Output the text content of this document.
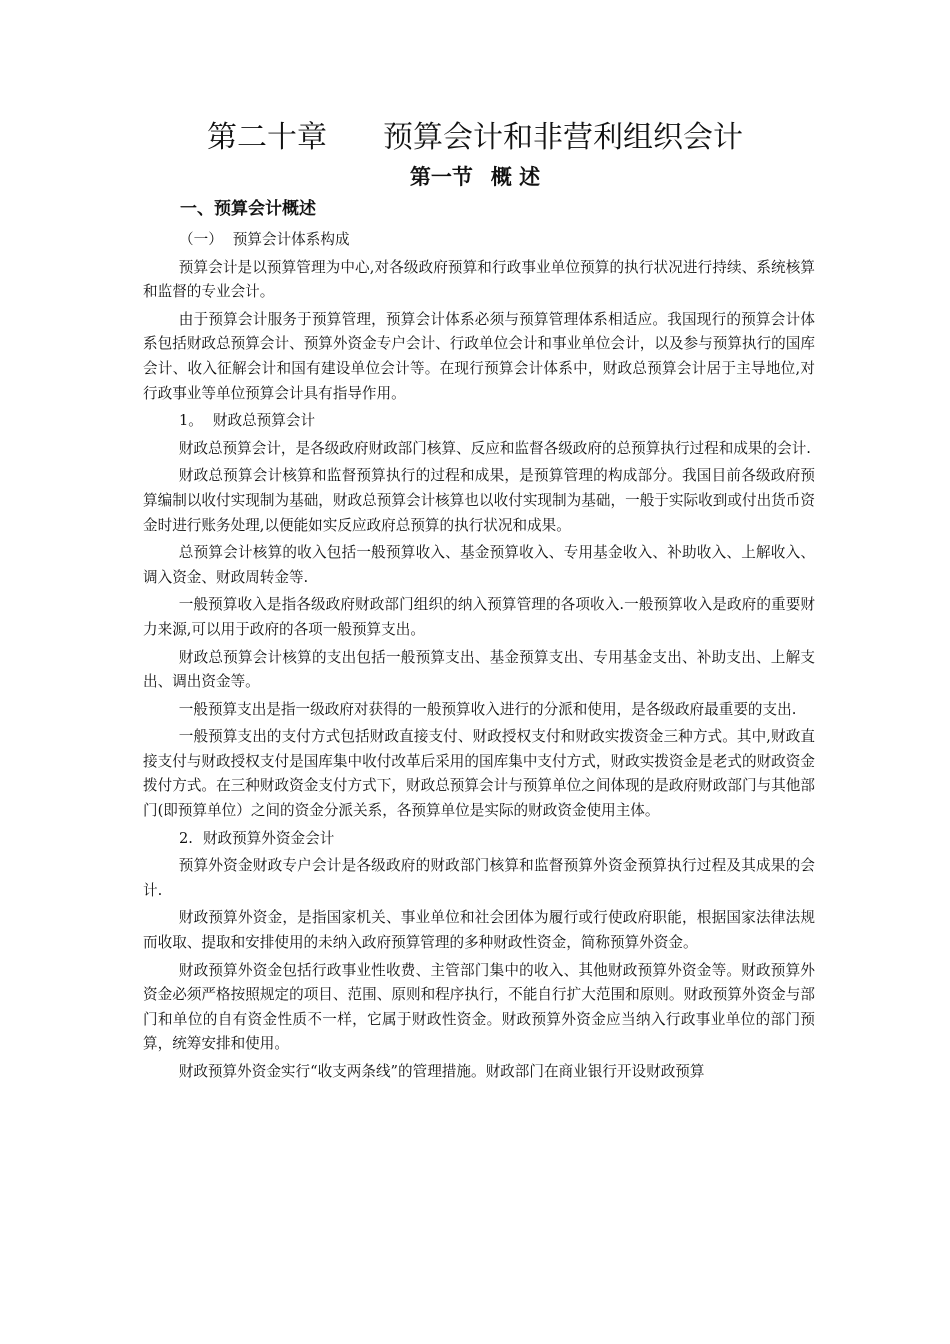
第二十章 预算会计和非营利组织会计
第一节 概 述
一、预算会计概述

（一） 预算会计体系构成

预算会计是以预算管理为中心,对各级政府预算和行政事业单位预算的执行状况进行持续、系统核算和监督的专业会计。

由于预算会计服务于预算管理，预算会计体系必须与预算管理体系相适应。我国现行的预算会计体系包括财政总预算会计、预算外资金专户会计、行政单位会计和事业单位会计，以及参与预算执行的国库会计、收入征解会计和国有建设单位会计等。在现行预算会计体系中，财政总预算会计居于主导地位,对行政事业等单位预算会计具有指导作用。

1。 财政总预算会计

财政总预算会计，是各级政府财政部门核算、反应和监督各级政府的总预算执行过程和成果的会计.

财政总预算会计核算和监督预算执行的过程和成果，是预算管理的构成部分。我国目前各级政府预算编制以收付实现制为基础，财政总预算会计核算也以收付实现制为基础，一般于实际收到或付出货币资金时进行账务处理,以便能如实反应政府总预算的执行状况和成果。

总预算会计核算的收入包括一般预算收入、基金预算收入、专用基金收入、补助收入、上解收入、调入资金、财政周转金等.

一般预算收入是指各级政府财政部门组织的纳入预算管理的各项收入.一般预算收入是政府的重要财力来源,可以用于政府的各项一般预算支出。

财政总预算会计核算的支出包括一般预算支出、基金预算支出、专用基金支出、补助支出、上解支出、调出资金等。

一般预算支出是指一级政府对获得的一般预算收入进行的分派和使用，是各级政府最重要的支出.

一般预算支出的支付方式包括财政直接支付、财政授权支付和财政实拨资金三种方式。其中,财政直接支付与财政授权支付是国库集中收付改革后采用的国库集中支付方式，财政实拨资金是老式的财政资金拨付方式。在三种财政资金支付方式下，财政总预算会计与预算单位之间体现的是政府财政部门与其他部门(即预算单位）之间的资金分派关系，各预算单位是实际的财政资金使用主体。

2. 财政预算外资金会计

预算外资金财政专户会计是各级政府的财政部门核算和监督预算外资金预算执行过程及其成果的会计.

财政预算外资金，是指国家机关、事业单位和社会团体为履行或行使政府职能，根据国家法律法规而收取、提取和安排使用的未纳入政府预算管理的多种财政性资金，简称预算外资金。

财政预算外资金包括行政事业性收费、主管部门集中的收入、其他财政预算外资金等。财政预算外资金必须严格按照规定的项目、范围、原则和程序执行，不能自行扩大范围和原则。财政预算外资金与部门和单位的自有资金性质不一样，它属于财政性资金。财政预算外资金应当纳入行政事业单位的部门预算，统筹安排和使用。

财政预算外资金实行“收支两条线”的管理措施。财政部门在商业银行开设财政预算
